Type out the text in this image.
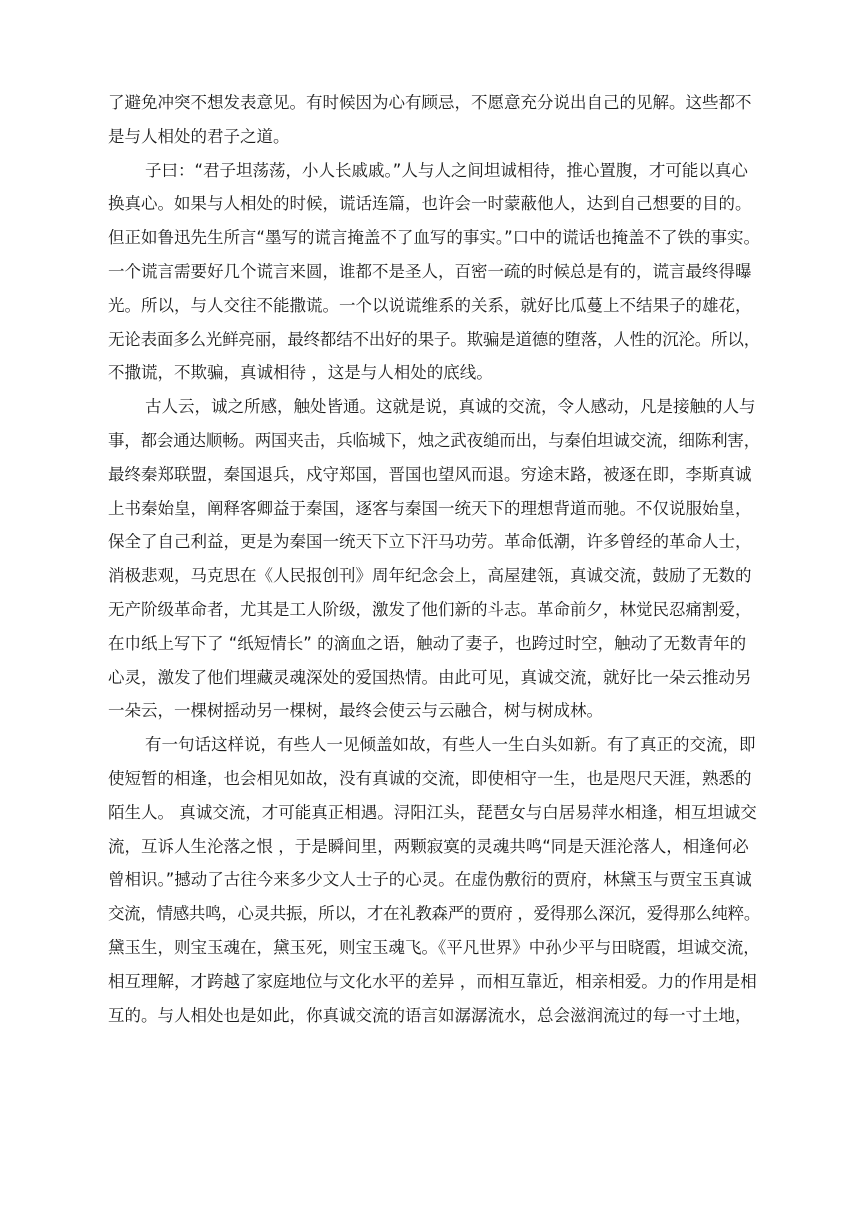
了避免冲突不想发表意见。有时候因为心有顾忌，不愿意充分说出自己的见解。这些都不
是与人相处的君子之道。
子曰：“君子坦荡荡，小人长戚戚。”人与人之间坦诚相待，推心置腹，才可能以真心
换真心。如果与人相处的时候，谎话连篇，也许会一时蒙蔽他人，达到自己想要的目的。
但正如鲁迅先生所言“墨写的谎言掩盖不了血写的事实。”口中的谎话也掩盖不了铁的事实。
一个谎言需要好几个谎言来圆，谁都不是圣人，百密一疏的时候总是有的，谎言最终得曝
光。所以，与人交往不能撒谎。一个以说谎维系的关系，就好比瓜蔓上不结果子的雄花，
无论表面多么光鲜亮丽，最终都结不出好的果子。欺骗是道德的堕落，人性的沉沦。所以，
不撒谎，不欺骗，真诚相待 ，这是与人相处的底线。
古人云，诚之所感，触处皆通。这就是说，真诚的交流，令人感动，凡是接触的人与
事，都会通达顺畅。两国夹击，兵临城下，烛之武夜缒而出，与秦伯坦诚交流，细陈利害，
最终秦郑联盟，秦国退兵，戍守郑国，晋国也望风而退。穷途末路，被逐在即，李斯真诚
上书秦始皇，阐释客卿益于秦国，逐客与秦国一统天下的理想背道而驰。不仅说服始皇，
保全了自己利益，更是为秦国一统天下立下汗马功劳。革命低潮，许多曾经的革命人士，
消极悲观，马克思在《人民报创刊》周年纪念会上，高屋建瓴，真诚交流，鼓励了无数的
无产阶级革命者，尤其是工人阶级，激发了他们新的斗志。革命前夕，林觉民忍痛割爱，
在巾纸上写下了 “纸短情长” 的滴血之语，触动了妻子，也跨过时空，触动了无数青年的
心灵，激发了他们埋藏灵魂深处的爱国热情。由此可见，真诚交流，就好比一朵云推动另
一朵云，一棵树摇动另一棵树，最终会使云与云融合，树与树成林。
有一句话这样说，有些人一见倾盖如故，有些人一生白头如新。有了真正的交流，即
使短暂的相逢，也会相见如故，没有真诚的交流，即使相守一生，也是咫尺天涯，熟悉的
陌生人。 真诚交流，才可能真正相遇。浔阳江头，琵琶女与白居易萍水相逢，相互坦诚交
流，互诉人生沦落之恨 ，于是瞬间里，两颗寂寞的灵魂共鸣“同是天涯沦落人，相逢何必
曾相识。”撼动了古往今来多少文人士子的心灵。在虚伪敷衍的贾府，林黛玉与贾宝玉真诚
交流，情感共鸣，心灵共振，所以，才在礼教森严的贾府 ，爱得那么深沉，爱得那么纯粹。
黛玉生，则宝玉魂在，黛玉死，则宝玉魂飞。《平凡世界》中孙少平与田晓霞，坦诚交流，
相互理解，才跨越了家庭地位与文化水平的差异 ，而相互靠近，相亲相爱。力的作用是相
互的。与人相处也是如此，你真诚交流的语言如潺潺流水，总会滋润流过的每一寸土地，
